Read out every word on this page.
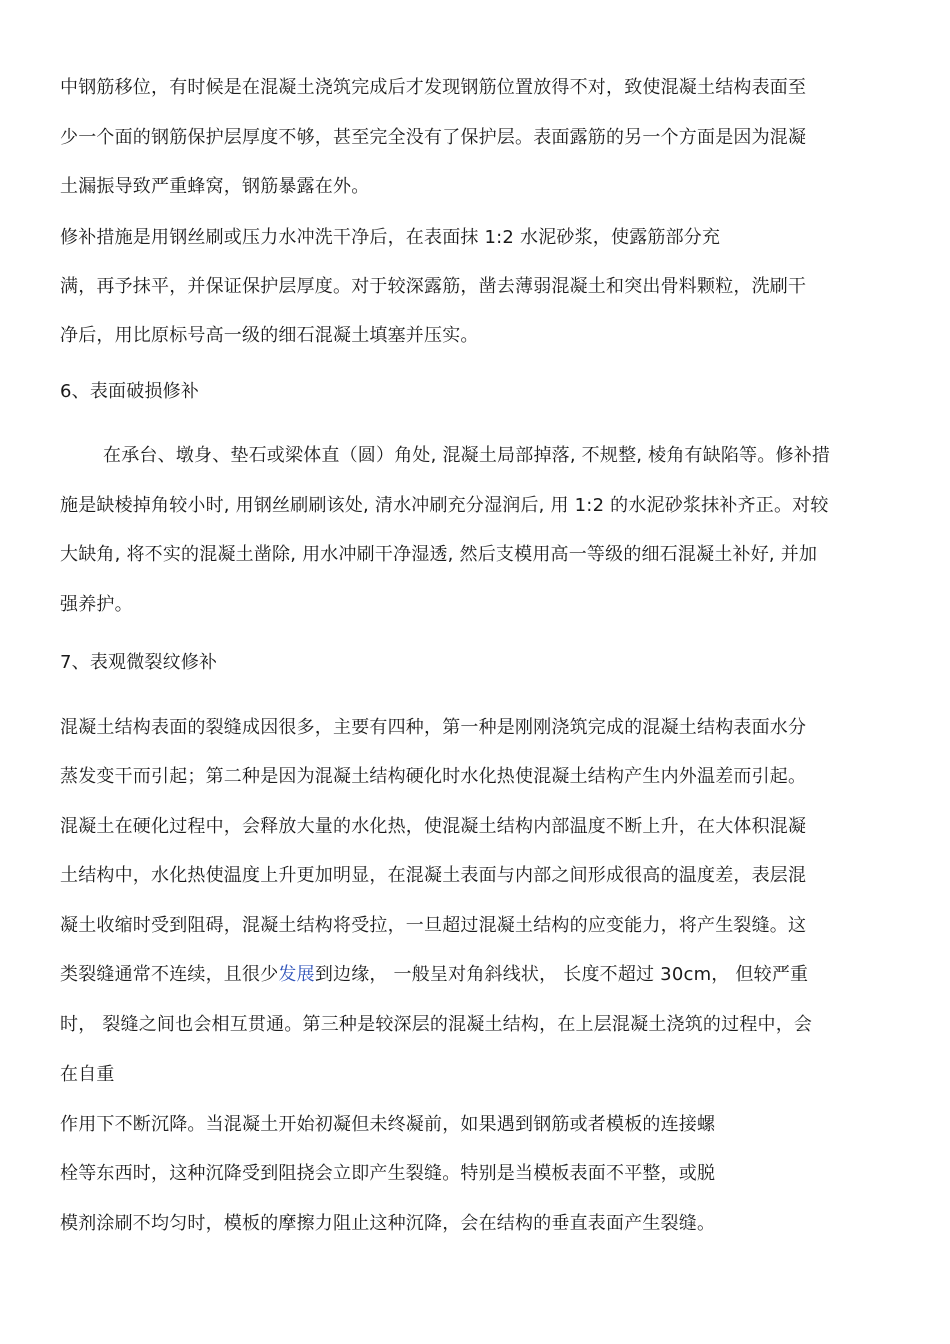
中钢筋移位，有时候是在混凝土浇筑完成后才发现钢筋位置放得不对，致使混凝土结构表面至
少一个面的钢筋保护层厚度不够，甚至完全没有了保护层。表面露筋的另一个方面是因为混凝
土漏振导致严重蜂窝，钢筋暴露在外。
修补措施是用钢丝刷或压力水冲洗干净后，在表面抹 1:2 水泥砂浆，使露筋部分充
满，再予抹平，并保证保护层厚度。对于较深露筋，凿去薄弱混凝土和突出骨料颗粒，洗刷干
净后，用比原标号高一级的细石混凝土填塞并压实。
6、表面破损修补
在承台、墩身、垫石或梁体直（圆）角处, 混凝土局部掉落, 不规整, 棱角有缺陷等。修补措
施是缺棱掉角较小时, 用钢丝刷刷该处, 清水冲刷充分湿润后, 用 1:2 的水泥砂浆抹补齐正。对较
大缺角, 将不实的混凝土凿除, 用水冲刷干净湿透, 然后支模用高一等级的细石混凝土补好, 并加
强养护。
7、表观微裂纹修补
混凝土结构表面的裂缝成因很多，主要有四种，第一种是刚刚浇筑完成的混凝土结构表面水分
蒸发变干而引起；第二种是因为混凝土结构硬化时水化热使混凝土结构产生内外温差而引起。
混凝土在硬化过程中，会释放大量的水化热，使混凝土结构内部温度不断上升，在大体积混凝
土结构中，水化热使温度上升更加明显，在混凝土表面与内部之间形成很高的温度差，表层混
凝土收缩时受到阻碍，混凝土结构将受拉，一旦超过混凝土结构的应变能力，将产生裂缝。这
类裂缝通常不连续，且很少发展到边缘， 一般呈对角斜线状， 长度不超过 30cm， 但较严重
时， 裂缝之间也会相互贯通。第三种是较深层的混凝土结构，在上层混凝土浇筑的过程中，会
在自重
作用下不断沉降。当混凝土开始初凝但未终凝前，如果遇到钢筋或者模板的连接螺
栓等东西时，这种沉降受到阻挠会立即产生裂缝。特别是当模板表面不平整，或脱
模剂涂刷不均匀时，模板的摩擦力阻止这种沉降，会在结构的垂直表面产生裂缝。
